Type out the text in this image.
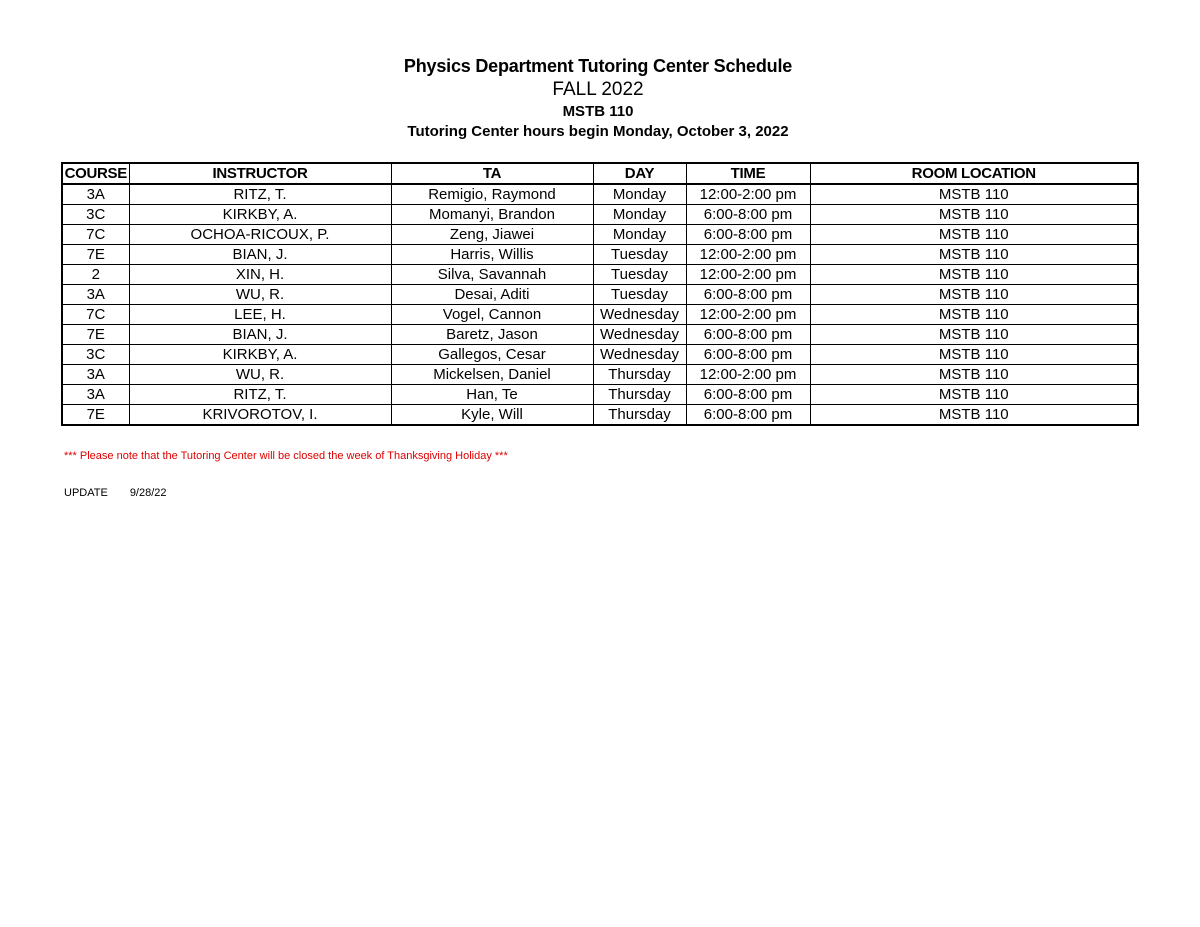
Physics Department Tutoring Center Schedule
FALL 2022
MSTB 110
Tutoring Center hours begin Monday, October 3, 2022
COURSE	INSTRUCTOR	TA	DAY	TIME	ROOM LOCATION
3A	RITZ, T.	Remigio, Raymond	Monday	12:00-2:00 pm	MSTB 110
3C	KIRKBY, A.	Momanyi, Brandon	Monday	6:00-8:00 pm	MSTB 110
7C	OCHOA-RICOUX, P.	Zeng, Jiawei	Monday	6:00-8:00 pm	MSTB 110
7E	BIAN, J.	Harris, Willis	Tuesday	12:00-2:00 pm	MSTB 110
2	XIN, H.	Silva, Savannah	Tuesday	12:00-2:00 pm	MSTB 110
3A	WU, R.	Desai, Aditi	Tuesday	6:00-8:00 pm	MSTB 110
7C	LEE, H.	Vogel, Cannon	Wednesday	12:00-2:00 pm	MSTB 110
7E	BIAN, J.	Baretz, Jason	Wednesday	6:00-8:00 pm	MSTB 110
3C	KIRKBY, A.	Gallegos, Cesar	Wednesday	6:00-8:00 pm	MSTB 110
3A	WU, R.	Mickelsen, Daniel	Thursday	12:00-2:00 pm	MSTB 110
3A	RITZ, T.	Han, Te	Thursday	6:00-8:00 pm	MSTB 110
7E	KRIVOROTOV, I.	Kyle, Will	Thursday	6:00-8:00 pm	MSTB 110
*** Please note that the Tutoring Center will be closed the week of Thanksgiving Holiday ***
UPDATE 9/28/22
